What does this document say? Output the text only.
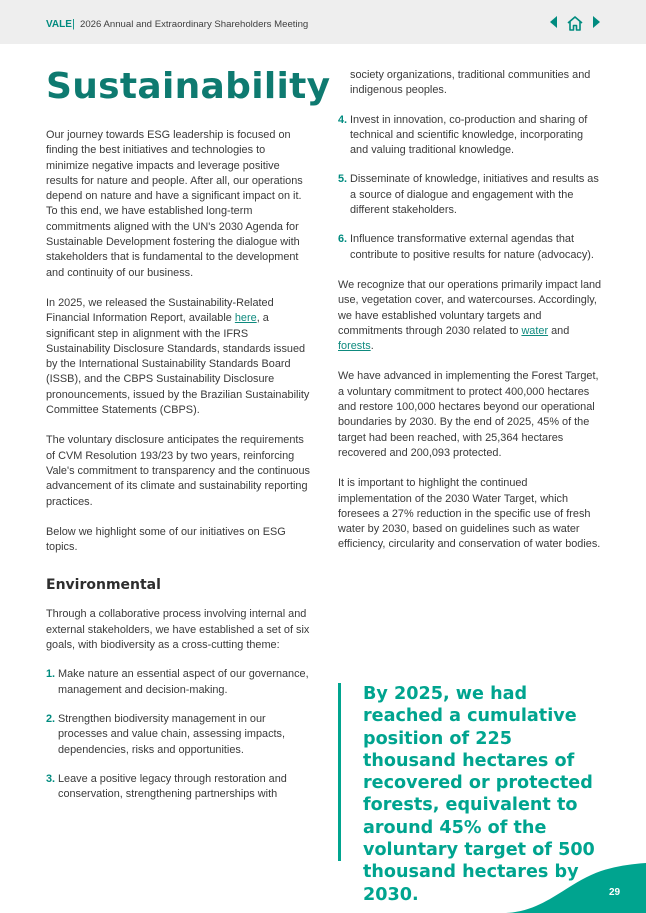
VALE | 2026 Annual and Extraordinary Shareholders Meeting
Sustainability

Our journey towards ESG leadership is focused on finding the best initiatives and technologies to minimize negative impacts and leverage positive results for nature and people. After all, our operations depend on nature and have a significant impact on it. To this end, we have established long-term commitments aligned with the UN's 2030 Agenda for Sustainable Development fostering the dialogue with stakeholders that is fundamental to the development and continuity of our business.

In 2025, we released the Sustainability-Related Financial Information Report, available here, a significant step in alignment with the IFRS Sustainability Disclosure Standards, standards issued by the International Sustainability Standards Board (ISSB), and the CBPS Sustainability Disclosure pronouncements, issued by the Brazilian Sustainability Committee Statements (CBPS).

The voluntary disclosure anticipates the requirements of CVM Resolution 193/23 by two years, reinforcing Vale's commitment to transparency and the continuous advancement of its climate and sustainability reporting practices.

Below we highlight some of our initiatives on ESG topics.

Environmental

Through a collaborative process involving internal and external stakeholders, we have established a set of six goals, with biodiversity as a cross-cutting theme:

1. Make nature an essential aspect of our governance, management and decision-making.
2. Strengthen biodiversity management in our processes and value chain, assessing impacts, dependencies, risks and opportunities.
3. Leave a positive legacy through restoration and conservation, strengthening partnerships with
society organizations, traditional communities and indigenous peoples.
4. Invest in innovation, co-production and sharing of technical and scientific knowledge, incorporating and valuing traditional knowledge.
5. Disseminate of knowledge, initiatives and results as a source of dialogue and engagement with the different stakeholders.
6. Influence transformative external agendas that contribute to positive results for nature (advocacy).

We recognize that our operations primarily impact land use, vegetation cover, and watercourses. Accordingly, we have established voluntary targets and commitments through 2030 related to water and forests.

We have advanced in implementing the Forest Target, a voluntary commitment to protect 400,000 hectares and restore 100,000 hectares beyond our operational boundaries by 2030. By the end of 2025, 45% of the target had been reached, with 25,364 hectares recovered and 200,093 protected.

It is important to highlight the continued implementation of the 2030 Water Target, which foresees a 27% reduction in the specific use of fresh water by 2030, based on guidelines such as water efficiency, circularity and conservation of water bodies.

By 2025, we had reached a cumulative position of 225 thousand hectares of recovered or protected forests, equivalent to around 45% of the voluntary target of 500 thousand hectares by 2030.	29
